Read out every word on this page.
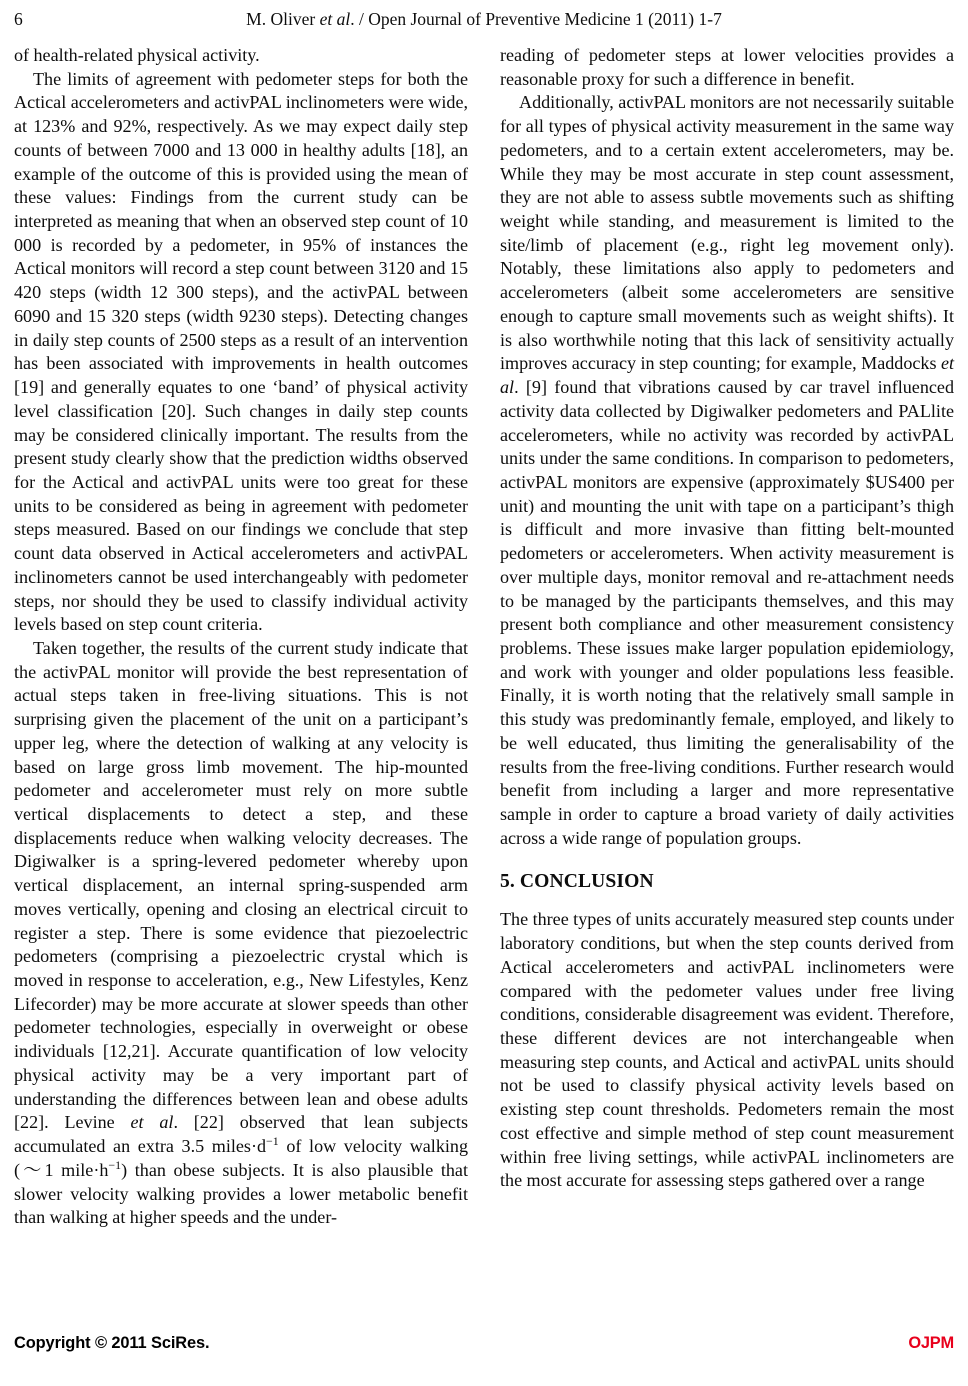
6	M. Oliver et al. / Open Journal of Preventive Medicine 1 (2011) 1-7

of health-related physical activity.

The limits of agreement with pedometer steps for both the Actical accelerometers and activPAL inclinometers were wide, at 123% and 92%, respectively. As we may expect daily step counts of between 7000 and 13 000 in healthy adults [18], an example of the outcome of this is provided using the mean of these values: Findings from the current study can be interpreted as meaning that when an observed step count of 10 000 is recorded by a pedometer, in 95% of instances the Actical monitors will record a step count between 3120 and 15 420 steps (width 12 300 steps), and the activPAL between 6090 and 15 320 steps (width 9230 steps). Detecting changes in daily step counts of 2500 steps as a result of an intervention has been associated with improvements in health outcomes [19] and generally equates to one ‘band’ of physical activity level classification [20]. Such changes in daily step counts may be considered clinically important. The results from the present study clearly show that the prediction widths observed for the Actical and activPAL units were too great for these units to be considered as being in agreement with pedometer steps measured. Based on our findings we conclude that step count data observed in Actical accelerometers and activPAL inclinometers cannot be used interchangeably with pedometer steps, nor should they be used to classify individual activity levels based on step count criteria.

Taken together, the results of the current study indicate that the activPAL monitor will provide the best representation of actual steps taken in free-living situations. This is not surprising given the placement of the unit on a participant’s upper leg, where the detection of walking at any velocity is based on large gross limb movement. The hip-mounted pedometer and accelerometer must rely on more subtle vertical displacements to detect a step, and these displacements reduce when walking velocity decreases. The Digiwalker is a spring-levered pedometer whereby upon vertical displacement, an internal spring-suspended arm moves vertically, opening and closing an electrical circuit to register a step. There is some evidence that piezoelectric pedometers (comprising a piezoelectric crystal which is moved in response to acceleration, e.g., New Lifestyles, Kenz Lifecorder) may be more accurate at slower speeds than other pedometer technologies, especially in overweight or obese individuals [12,21]. Accurate quantification of low velocity physical activity may be a very important part of understanding the differences between lean and obese adults [22]. Levine et al. [22] observed that lean subjects accumulated an extra 3.5 $miles\cdot d^{-1}$ of low velocity walking (～1 $mile\cdot h^{-1}$) than obese subjects. It is also plausible that slower velocity walking provides a lower metabolic benefit than walking at higher speeds and the under-

reading of pedometer steps at lower velocities provides a reasonable proxy for such a difference in benefit.

Additionally, activPAL monitors are not necessarily suitable for all types of physical activity measurement in the same way pedometers, and to a certain extent accelerometers, may be. While they may be most accurate in step count assessment, they are not able to assess subtle movements such as shifting weight while standing, and measurement is limited to the site/limb of placement (e.g., right leg movement only). Notably, these limitations also apply to pedometers and accelerometers (albeit some accelerometers are sensitive enough to capture small movements such as weight shifts). It is also worthwhile noting that this lack of sensitivity actually improves accuracy in step counting; for example, Maddocks et al. [9] found that vibrations caused by car travel influenced activity data collected by Digiwalker pedometers and PALlite accelerometers, while no activity was recorded by activPAL units under the same conditions. In comparison to pedometers, activPAL monitors are expensive (approximately $US400 per unit) and mounting the unit with tape on a participant’s thigh is difficult and more invasive than fitting belt-mounted pedometers or accelerometers. When activity measurement is over multiple days, monitor removal and re-attachment needs to be managed by the participants themselves, and this may present both compliance and other measurement consistency problems. These issues make larger population epidemiology, and work with younger and older populations less feasible. Finally, it is worth noting that the relatively small sample in this study was predominantly female, employed, and likely to be well educated, thus limiting the generalisability of the results from the free-living conditions. Further research would benefit from including a larger and more representative sample in order to capture a broad variety of daily activities across a wide range of population groups.

5. CONCLUSION

The three types of units accurately measured step counts under laboratory conditions, but when the step counts derived from Actical accelerometers and activPAL inclinometers were compared with the pedometer values under free living conditions, considerable disagreement was evident. Therefore, these different devices are not interchangeable when measuring step counts, and Actical and activPAL units should not be used to classify physical activity levels based on existing step count thresholds. Pedometers remain the most cost effective and simple method of step count measurement within free living settings, while activPAL inclinometers are the most accurate for assessing steps gathered over a range

Copyright © 2011 SciRes.	OJPM
